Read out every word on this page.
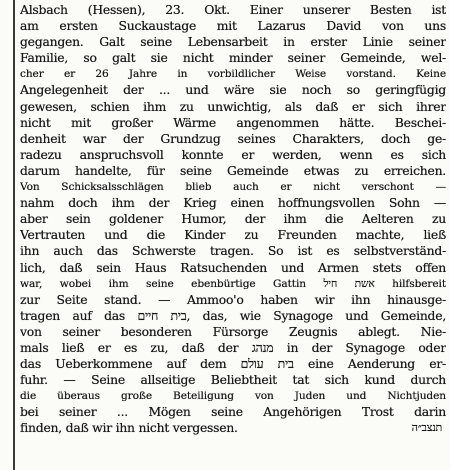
Alsbach (Hessen), 23. Okt. Einer unserer Besten ist
am ersten Suckaustage mit Lazarus David von uns
gegangen. Galt seine Lebensarbeit in erster Linie seiner
Familie, so galt sie nicht minder seiner Gemeinde, wel-
cher er 26 Jahre in vorbildlicher Weise vorstand. Keine
Angelegenheit der ... und wäre sie noch so geringfügig
gewesen, schien ihm zu unwichtig, als daß er sich ihrer
nicht mit großer Wärme angenommen hätte. Beschei-
denheit war der Grundzug seines Charakters, doch ge-
radezu anspruchsvoll konnte er werden, wenn es sich
darum handelte, für seine Gemeinde etwas zu erreichen.
Von Schicksalsschlägen blieb auch er nicht verschont —
nahm doch ihm der Krieg einen hoffnungsvollen Sohn —
aber sein goldener Humor, der ihm die Aelteren zu
Vertrauten und die Kinder zu Freunden machte, ließ
ihn auch das Schwerste tragen. So ist es selbstverständ-
lich, daß sein Haus Ratsuchenden und Armen stets offen
war, wobei ihm seine ebenbürtige Gattin אשת חיל hilfsbereit
zur Seite stand. — Ammoo'o haben wir ihn hinausge-
tragen auf das בית חיים, das, wie Synagoge und Gemeinde,
von seiner besonderen Fürsorge Zeugnis ablegt. Nie-
mals ließ er es zu, daß der מנהג in der Synagoge oder
das Ueberkommene auf dem בית עולם eine Aenderung er-
fuhr. — Seine allseitige Beliebtheit tat sich kund durch
die überaus große Beteiligung von Juden und Nichtjuden
bei seiner ... Mögen seine Angehörigen Trost darin
finden, daß wir ihn nicht vergessen.	תנצב״ה
